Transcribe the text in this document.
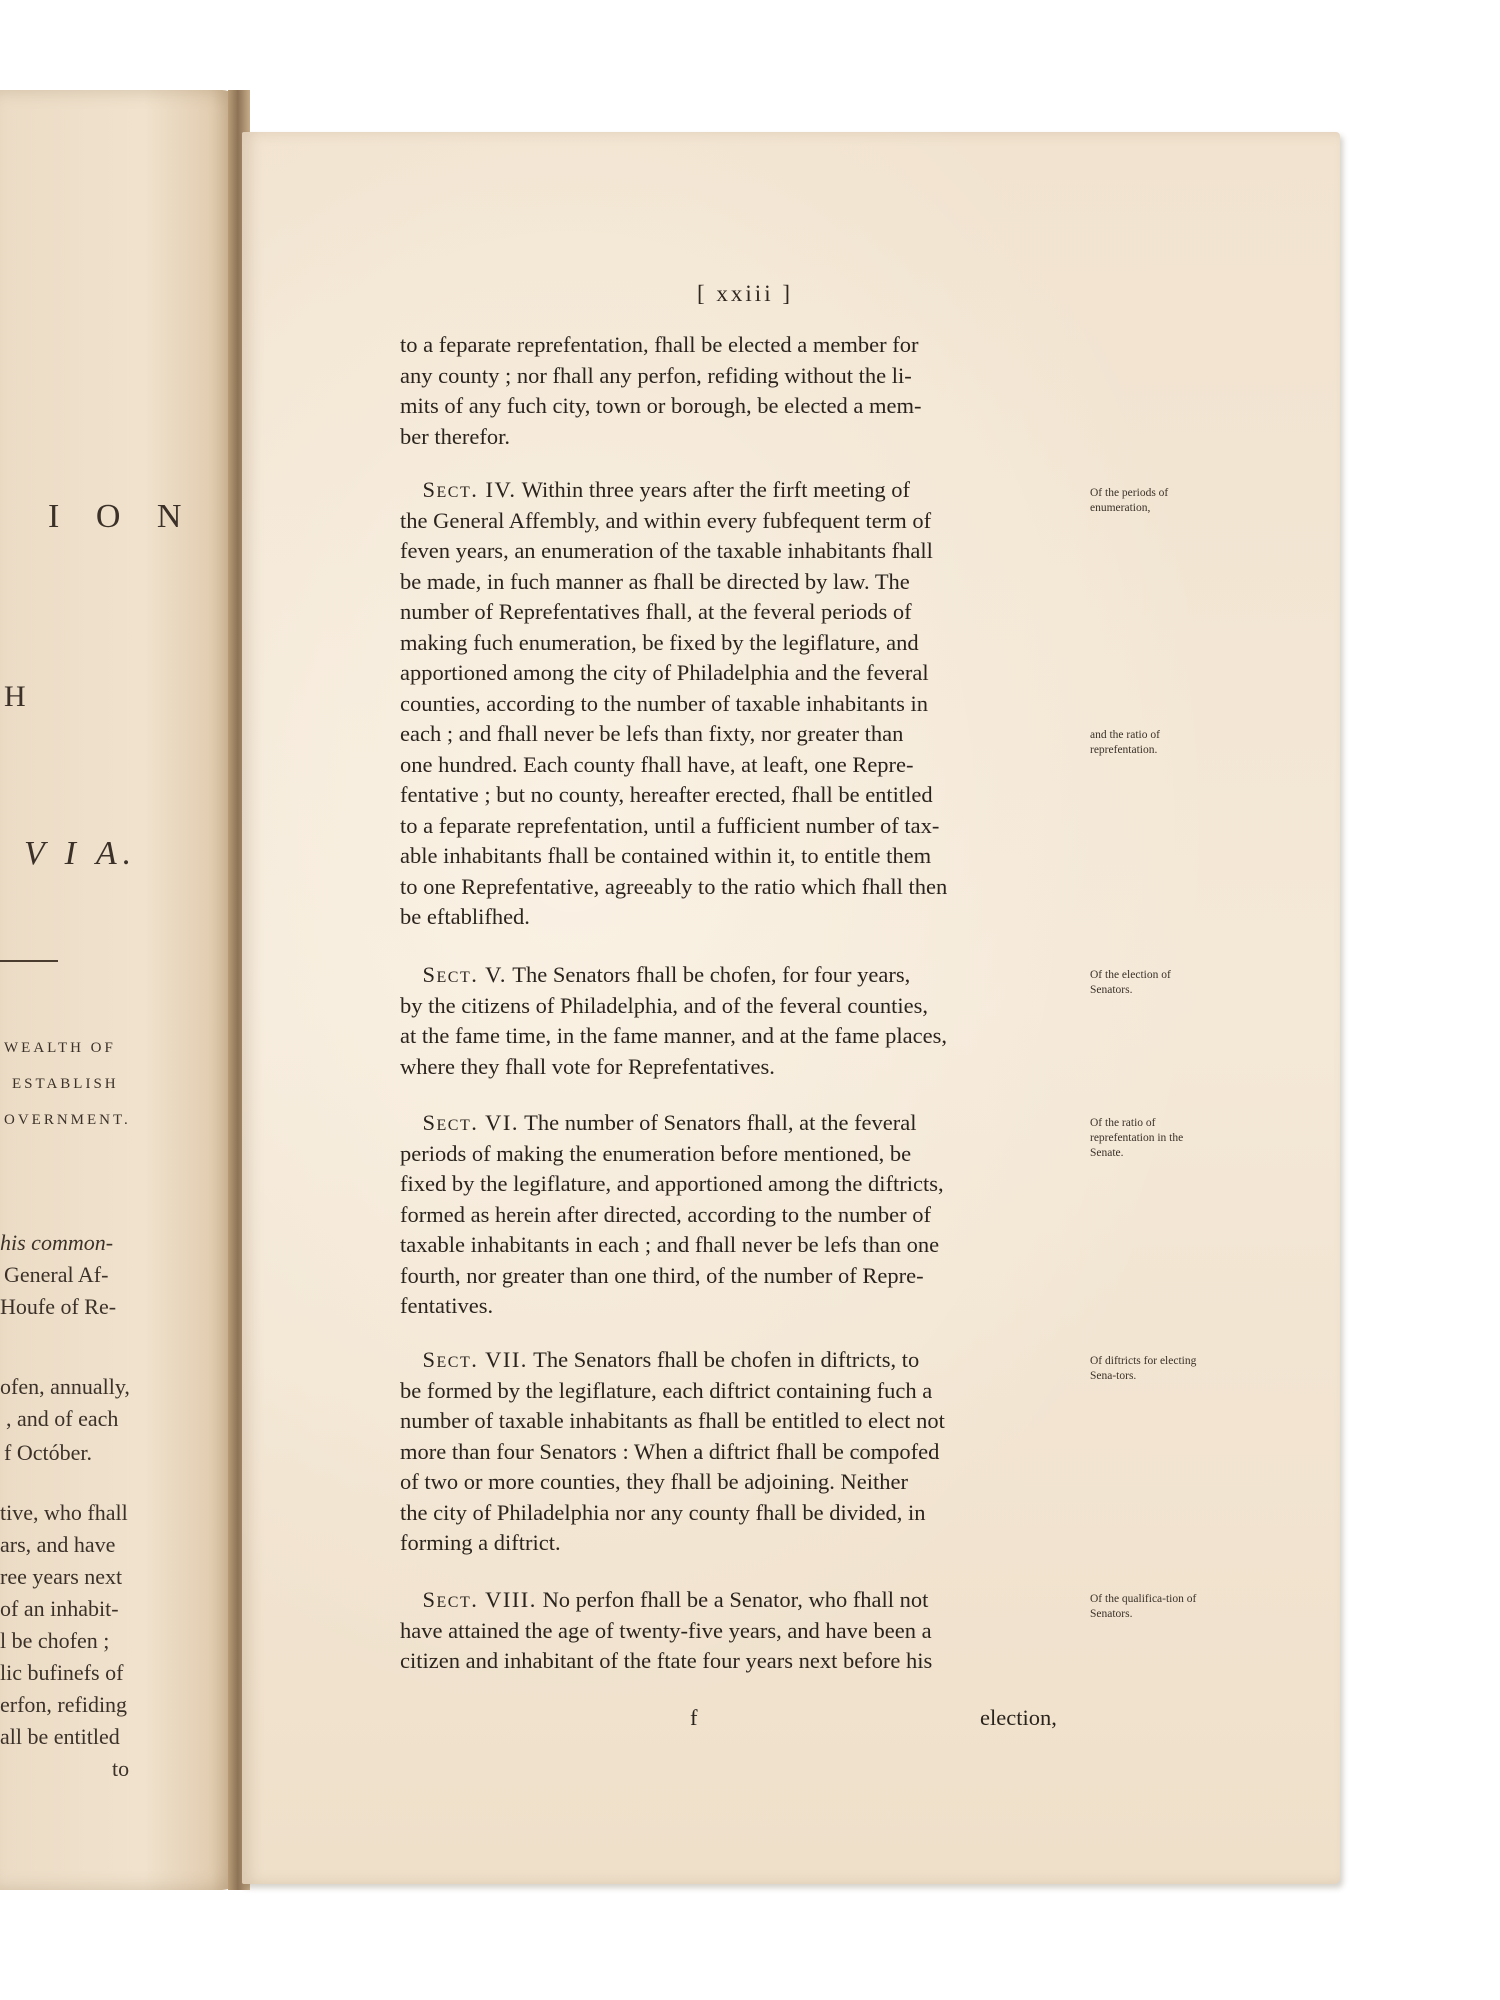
I O N
H
V I A.
WEALTH OF
ESTABLISH
OVERNMENT.
his common-
General Af-
Houfe of Re-
ofen, annually,
, and of each
f Octóber.
tive, who fhall
ars, and have
ree years next
of an inhabit-
l be chofen ;
lic bufinefs of
erfon, refiding
all be entitled
to
[ xxiii ]
to a feparate reprefentation, fhall be elected a member for
any county ; nor fhall any perfon, refiding without the li-
mits of any fuch city, town or borough, be elected a mem-
ber therefor.
 Sect. IV. Within three years after the firft meeting of
the General Affembly, and within every fubfequent term of
feven years, an enumeration of the taxable inhabitants fhall
be made, in fuch manner as fhall be directed by law. The
number of Reprefentatives fhall, at the feveral periods of
making fuch enumeration, be fixed by the legiflature, and
apportioned among the city of Philadelphia and the feveral
counties, according to the number of taxable inhabitants in
each ; and fhall never be lefs than fixty, nor greater than
one hundred. Each county fhall have, at leaft, one Repre-
fentative ; but no county, hereafter erected, fhall be entitled
to a feparate reprefentation, until a fufficient number of tax-
able inhabitants fhall be contained within it, to entitle them
to one Reprefentative, agreeably to the ratio which fhall then
be eftablifhed.
 Sect. V. The Senators fhall be chofen, for four years,
by the citizens of Philadelphia, and of the feveral counties,
at the fame time, in the fame manner, and at the fame places,
where they fhall vote for Reprefentatives.
 Sect. VI. The number of Senators fhall, at the feveral
periods of making the enumeration before mentioned, be
fixed by the legiflature, and apportioned among the diftricts,
formed as herein after directed, according to the number of
taxable inhabitants in each ; and fhall never be lefs than one
fourth, nor greater than one third, of the number of Repre-
fentatives.
 Sect. VII. The Senators fhall be chofen in diftricts, to
be formed by the legiflature, each diftrict containing fuch a
number of taxable inhabitants as fhall be entitled to elect not
more than four Senators : When a diftrict fhall be compofed
of two or more counties, they fhall be adjoining. Neither
the city of Philadelphia nor any county fhall be divided, in
forming a diftrict.
 Sect. VIII. No perfon fhall be a Senator, who fhall not
have attained the age of twenty-five years, and have been a
citizen and inhabitant of the ftate four years next before his
f	election,
Of the periods of enumeration,
and the ratio of reprefentation.
Of the election of Senators.
Of the ratio of reprefentation in the Senate.
Of diftricts for electing Sena-tors.
Of the qualifica-tion of Senators.
